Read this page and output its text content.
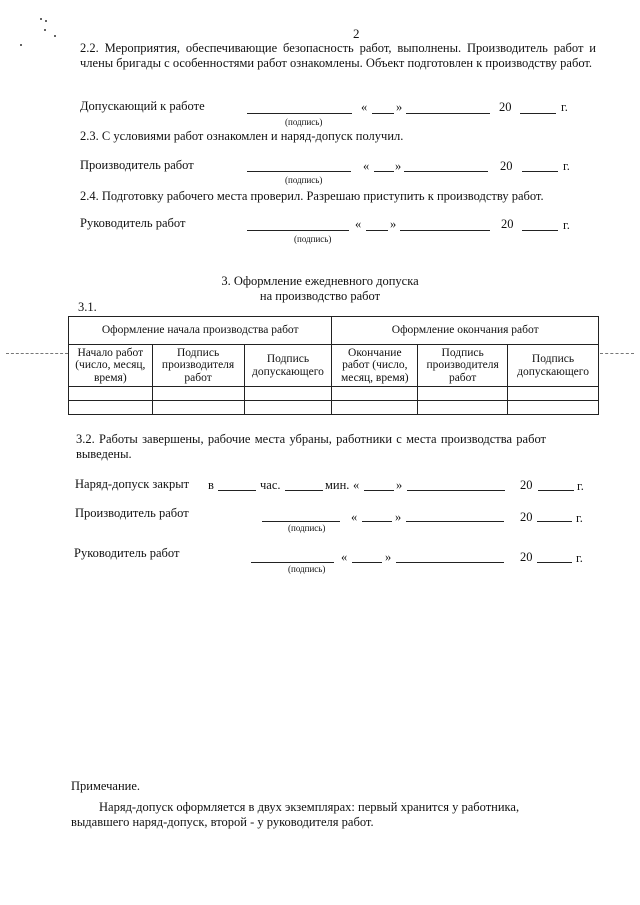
2
2.2. Мероприятия, обеспечивающие безопасность работ, выполнены. Производитель работ и члены бригады с особенностями работ ознакомлены. Объект подготовлен к производству работ.
Допускающий к работе
(подпись)
« »	20	г.
2.3. С условиями работ ознакомлен и наряд-допуск получил.
Производитель работ
(подпись)
« »	20	г.
2.4. Подготовку рабочего места проверил. Разрешаю приступить к производству работ.
Руководитель работ
(подпись)
« »	20	г.
3. Оформление ежедневного допуска
на производство работ
3.1.
Оформление начала производства работ			Оформление окончания работ		
Начало работ (число, месяц, время)	Подпись производителя работ	Подпись допускающего	Окончание работ (число, месяц, время)	Подпись производителя работ	Подпись допускающего

3.2. Работы завершены, рабочие места убраны, работники с места производства работ выведены.
Наряд-допуск закрыт в	час.	мин. «	»	20	г.
Производитель работ
(подпись)
«	»	20	г.
Руководитель работ
(подпись)
«	»	20	г.
Примечание.
Наряд-допуск оформляется в двух экземплярах: первый хранится у работника, выдавшего наряд-допуск, второй - у руководителя работ.
